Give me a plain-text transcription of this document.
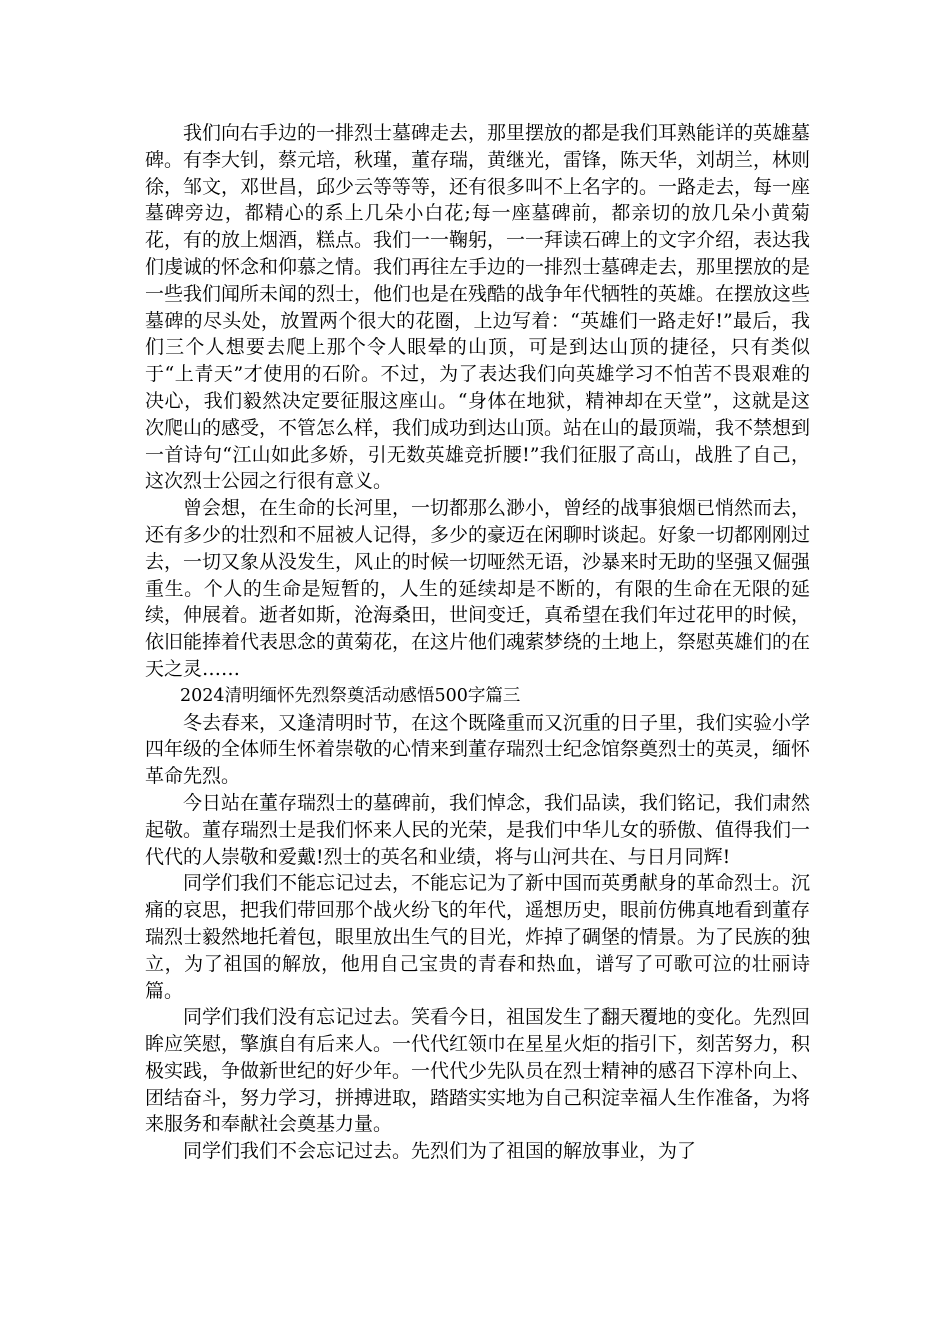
我们向右手边的一排烈士墓碑走去，那里摆放的都是我们耳熟能详的英雄墓碑。有李大钊，蔡元培，秋瑾，董存瑞，黄继光，雷锋，陈天华，刘胡兰，林则徐，邹文，邓世昌，邱少云等等等，还有很多叫不上名字的。一路走去，每一座墓碑旁边，都精心的系上几朵小白花;每一座墓碑前，都亲切的放几朵小黄菊花，有的放上烟酒，糕点。我们一一鞠躬，一一拜读石碑上的文字介绍，表达我们虔诚的怀念和仰慕之情。我们再往左手边的一排烈士墓碑走去，那里摆放的是一些我们闻所未闻的烈士，他们也是在残酷的战争年代牺牲的英雄。在摆放这些墓碑的尽头处，放置两个很大的花圈，上边写着：“英雄们一路走好!”最后，我们三个人想要去爬上那个令人眼晕的山顶，可是到达山顶的捷径，只有类似于“上青天”才使用的石阶。不过，为了表达我们向英雄学习不怕苦不畏艰难的决心，我们毅然决定要征服这座山。“身体在地狱，精神却在天堂”，这就是这次爬山的感受，不管怎么样，我们成功到达山顶。站在山的最顶端，我不禁想到一首诗句“江山如此多娇，引无数英雄竞折腰!”我们征服了高山，战胜了自己，这次烈士公园之行很有意义。

曾会想，在生命的长河里，一切都那么渺小，曾经的战事狼烟已悄然而去，还有多少的壮烈和不屈被人记得，多少的豪迈在闲聊时谈起。好象一切都刚刚过去，一切又象从没发生，风止的时候一切哑然无语，沙暴来时无助的坚强又倔强重生。个人的生命是短暂的，人生的延续却是不断的，有限的生命在无限的延续，伸展着。逝者如斯，沧海桑田，世间变迁，真希望在我们年过花甲的时候，依旧能捧着代表思念的黄菊花，在这片他们魂萦梦绕的土地上，祭慰英雄们的在天之灵……

2024清明缅怀先烈祭奠活动感悟500字篇三

冬去春来，又逢清明时节，在这个既隆重而又沉重的日子里，我们实验小学四年级的全体师生怀着崇敬的心情来到董存瑞烈士纪念馆祭奠烈士的英灵，缅怀革命先烈。

今日站在董存瑞烈士的墓碑前，我们悼念，我们品读，我们铭记，我们肃然起敬。董存瑞烈士是我们怀来人民的光荣，是我们中华儿女的骄傲、值得我们一代代的人崇敬和爱戴!烈士的英名和业绩，将与山河共在、与日月同辉!

同学们我们不能忘记过去，不能忘记为了新中国而英勇献身的革命烈士。沉痛的哀思，把我们带回那个战火纷飞的年代，遥想历史，眼前仿佛真地看到董存瑞烈士毅然地托着包，眼里放出生气的目光，炸掉了碉堡的情景。为了民族的独立，为了祖国的解放，他用自己宝贵的青春和热血，谱写了可歌可泣的壮丽诗篇。

同学们我们没有忘记过去。笑看今日，祖国发生了翻天覆地的变化。先烈回眸应笑慰，擎旗自有后来人。一代代红领巾在星星火炬的指引下，刻苦努力，积极实践，争做新世纪的好少年。一代代少先队员在烈士精神的感召下淳朴向上、团结奋斗，努力学习，拼搏进取，踏踏实实地为自己积淀幸福人生作准备，为将来服务和奉献社会奠基力量。

同学们我们不会忘记过去。先烈们为了祖国的解放事业，为了
